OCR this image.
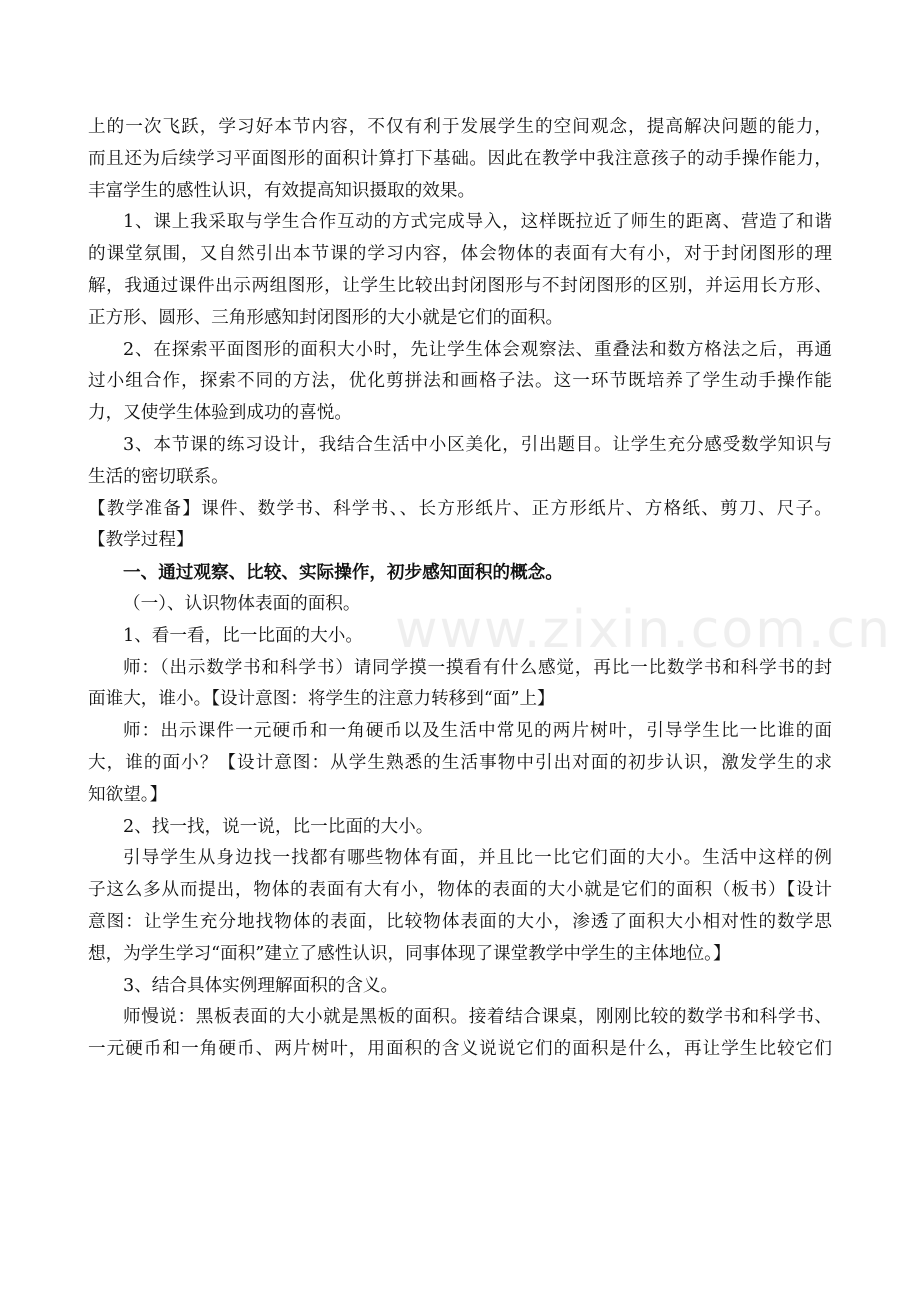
www.zixin.com.cn
上的一次飞跃，学习好本节内容，不仅有利于发展学生的空间观念，提高解决问题的能力，
而且还为后续学习平面图形的面积计算打下基础。因此在教学中我注意孩子的动手操作能力，
丰富学生的感性认识，有效提高知识摄取的效果。
1、课上我采取与学生合作互动的方式完成导入，这样既拉近了师生的距离、营造了和谐
的课堂氛围，又自然引出本节课的学习内容，体会物体的表面有大有小，对于封闭图形的理
解，我通过课件出示两组图形，让学生比较出封闭图形与不封闭图形的区别，并运用长方形、
正方形、圆形、三角形感知封闭图形的大小就是它们的面积。
2、在探索平面图形的面积大小时，先让学生体会观察法、重叠法和数方格法之后，再通
过小组合作，探索不同的方法，优化剪拼法和画格子法。这一环节既培养了学生动手操作能
力，又使学生体验到成功的喜悦。
3、本节课的练习设计，我结合生活中小区美化，引出题目。让学生充分感受数学知识与
生活的密切联系。
【教学准备】课件、数学书、科学书、、长方形纸片、正方形纸片、方格纸、剪刀、尺子。
【教学过程】
一、通过观察、比较、实际操作，初步感知面积的概念。
（一）、认识物体表面的面积。
1、看一看，比一比面的大小。
师：（出示数学书和科学书）请同学摸一摸看有什么感觉，再比一比数学书和科学书的封
面谁大，谁小。【设计意图：将学生的注意力转移到“面”上】
师：出示课件一元硬币和一角硬币以及生活中常见的两片树叶，引导学生比一比谁的面
大，谁的面小？【设计意图：从学生熟悉的生活事物中引出对面的初步认识，激发学生的求
知欲望。】
2、找一找，说一说，比一比面的大小。
引导学生从身边找一找都有哪些物体有面，并且比一比它们面的大小。生活中这样的例
子这么多从而提出，物体的表面有大有小，物体的表面的大小就是它们的面积（板书）【设计
意图：让学生充分地找物体的表面，比较物体表面的大小，渗透了面积大小相对性的数学思
想，为学生学习“面积”建立了感性认识，同事体现了课堂教学中学生的主体地位。】
3、结合具体实例理解面积的含义。
师慢说：黑板表面的大小就是黑板的面积。接着结合课桌，刚刚比较的数学书和科学书、
一元硬币和一角硬币、两片树叶，用面积的含义说说它们的面积是什么，再让学生比较它们
